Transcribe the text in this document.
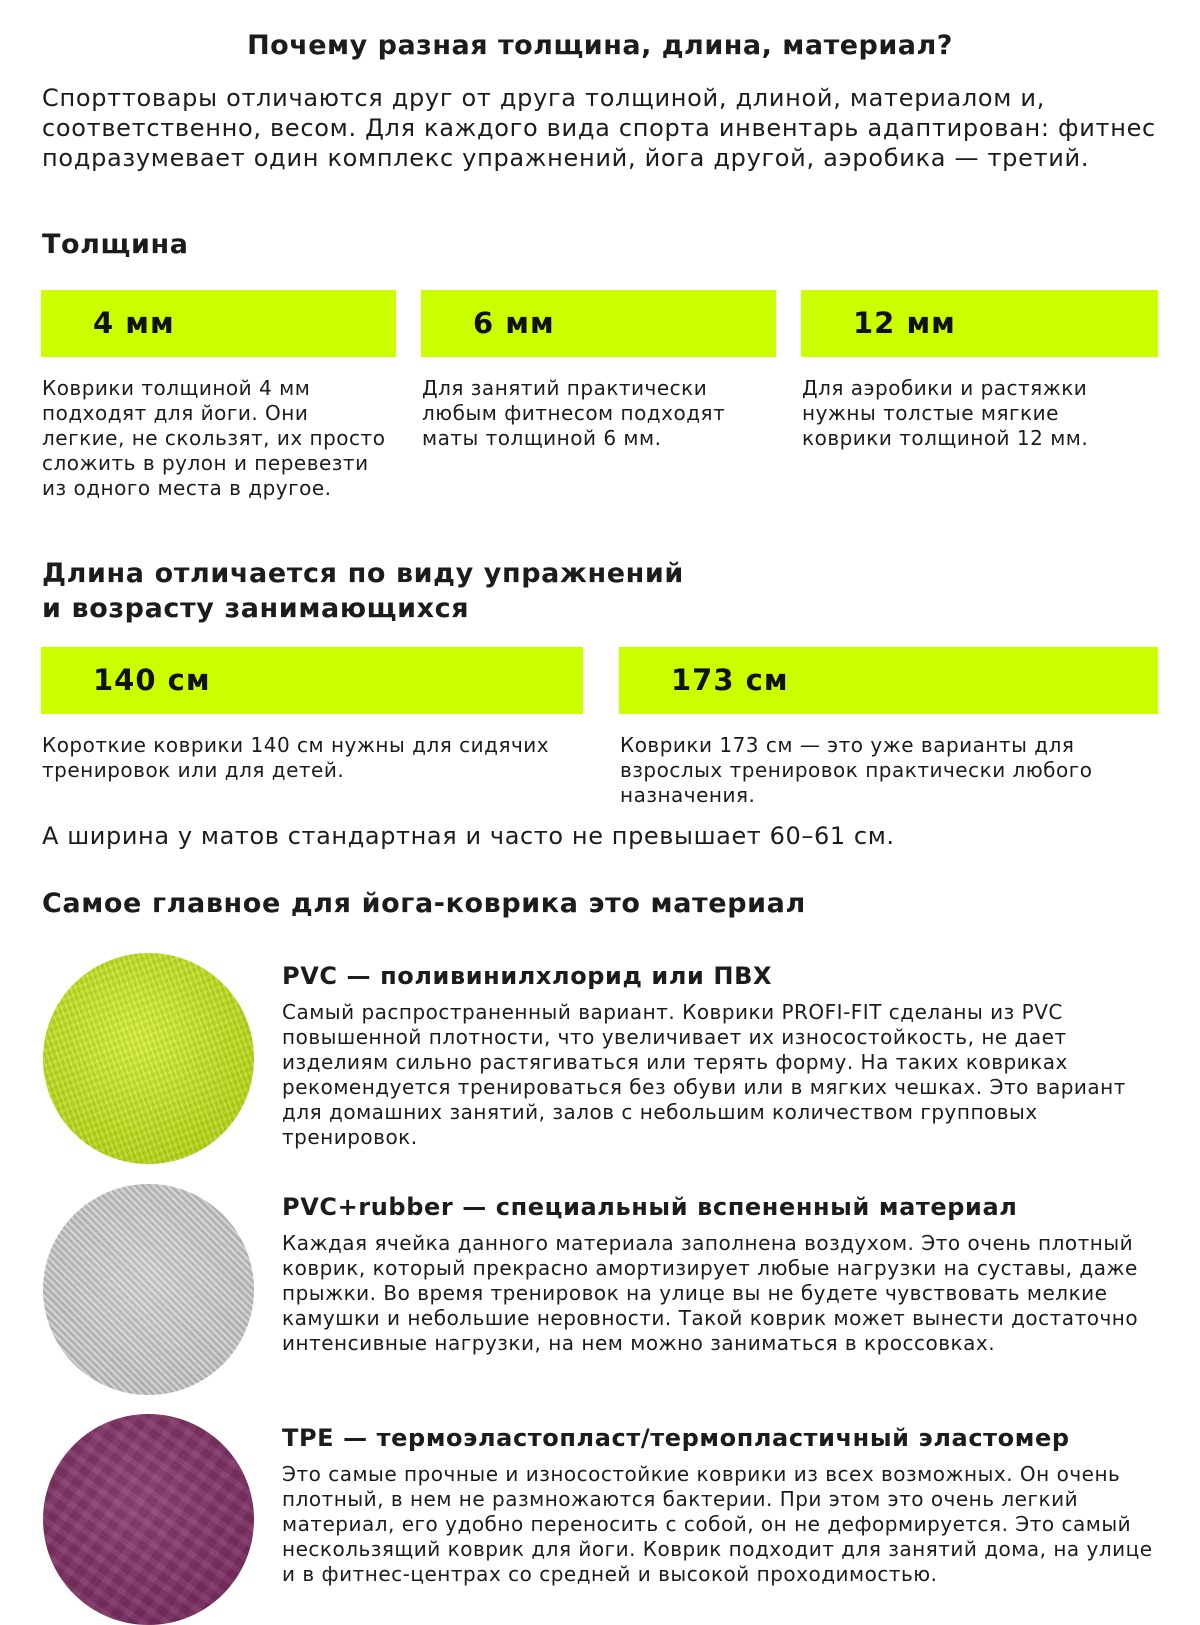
Почему разная толщина, длина, материал?

Спорттовары отличаются друг от друга толщиной, длиной, материалом и, соответственно, весом. Для каждого вида спорта инвентарь адаптирован: фитнес подразумевает один комплекс упражнений, йога другой, аэробика — третий.

Толщина
4 мм	6 мм	12 мм

Коврики толщиной 4 мм подходят для йоги. Они легкие, не скользят, их просто сложить в рулон и перевезти из одного места в другое.

Для занятий практически любым фитнесом подходят маты толщиной 6 мм.

Для аэробики и растяжки нужны толстые мягкие коврики толщиной 12 мм.

Длина отличается по виду упражнений
и возрасту занимающихся
140 см	173 см

Короткие коврики 140 см нужны для сидячих тренировок или для детей.

Коврики 173 см — это уже варианты для взрослых тренировок практически любого назначения.

А ширина у матов стандартная и часто не превышает 60–61 см.

Самое главное для йога-коврика это материал
PVC — поливинилхлорид или ПВХ

Самый распространенный вариант. Коврики PROFI-FIT сделаны из PVC повышенной плотности, что увеличивает их износостойкость, не дает изделиям сильно растягиваться или терять форму. На таких ковриках рекомендуется тренироваться без обуви или в мягких чешках. Это вариант для домашних занятий, залов с небольшим количеством групповых тренировок.

PVC+rubber — специальный вспененный материал

Каждая ячейка данного материала заполнена воздухом. Это очень плотный коврик, который прекрасно амортизирует любые нагрузки на суставы, даже прыжки. Во время тренировок на улице вы не будете чувствовать мелкие камушки и небольшие неровности. Такой коврик может вынести достаточно интенсивные нагрузки, на нем можно заниматься в кроссовках.

TPE — термоэластопласт/термопластичный эластомер

Это самые прочные и износостойкие коврики из всех возможных. Он очень плотный, в нем не размножаются бактерии. При этом это очень легкий материал, его удобно переносить с собой, он не деформируется. Это самый нескользящий коврик для йоги. Коврик подходит для занятий дома, на улице и в фитнес-центрах со средней и высокой проходимостью.
